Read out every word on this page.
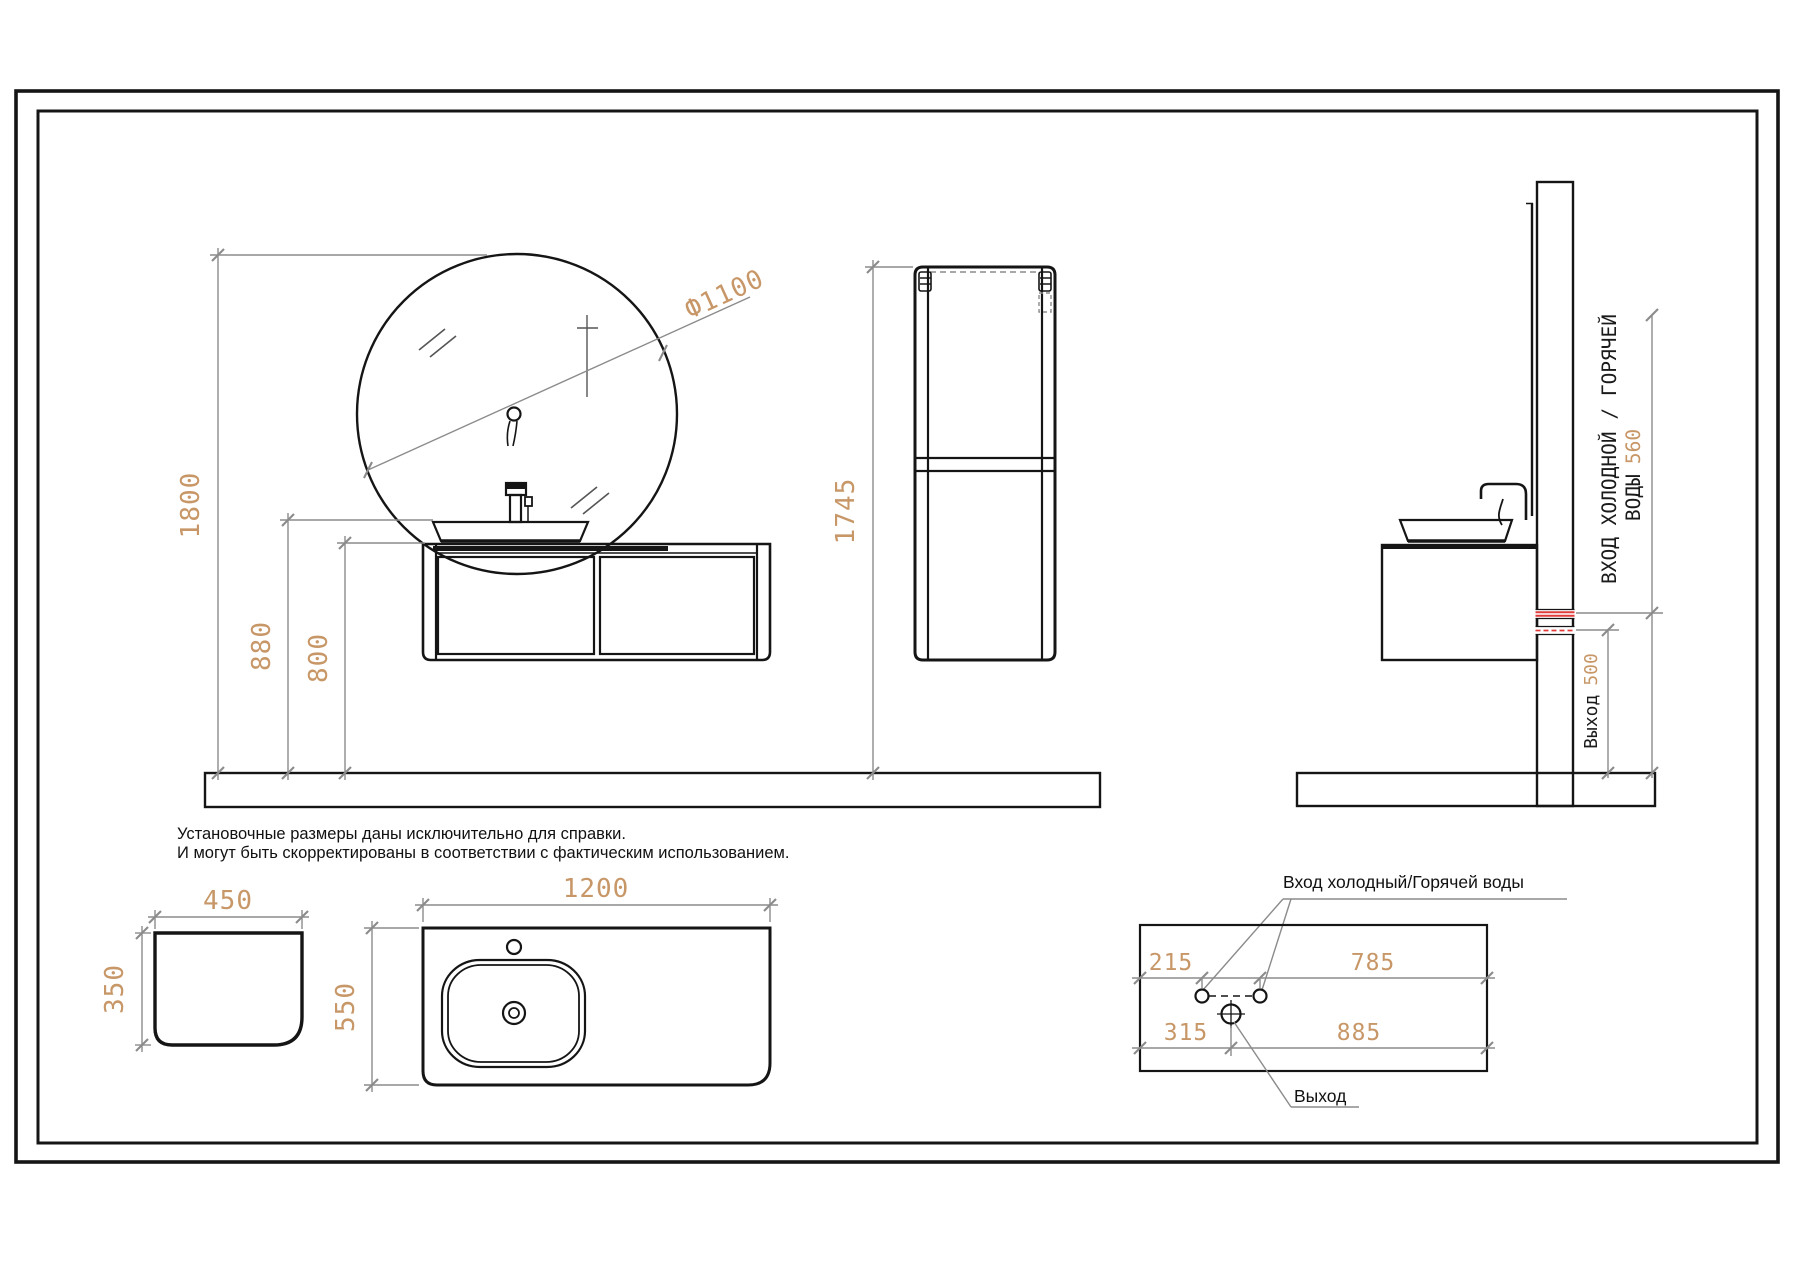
Ф1100
1800
880 800
1745	ВХОД ХОЛОДНОЙ / ГОРЯЧЕЙ ВОДЫ560
Выход500
Установочные размеры даны исключительно для справки.
И могут быть скорректированы в соответствии с фактическим использованием.
450
350
1200
550
Вход холодный/Горячей воды
215	785
315	885
Выход
